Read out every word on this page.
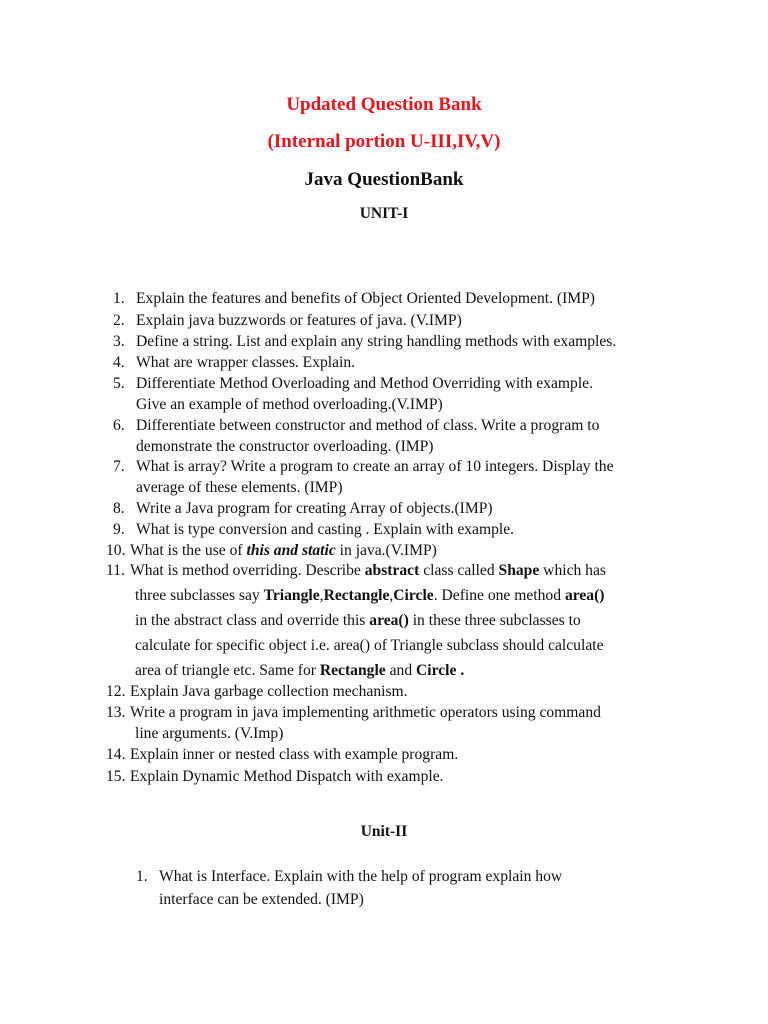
Updated Question Bank
(Internal portion U-III,IV,V)
Java QuestionBank
UNIT-I
1. Explain the features and benefits of Object Oriented Development. (IMP)
2. Explain java buzzwords or features of java. (V.IMP)
3. Define a string. List and explain any string handling methods with examples.
4. What are wrapper classes. Explain.
5. Differentiate Method Overloading and Method Overriding with example.
Give an example of method overloading.(V.IMP)
6. Differentiate between constructor and method of class. Write a program to
demonstrate the constructor overloading. (IMP)
7. What is array? Write a program to create an array of 10 integers. Display the
average of these elements. (IMP)
8. Write a Java program for creating Array of objects.(IMP)
9. What is type conversion and casting . Explain with example.
10. What is the use of this and static in java.(V.IMP)
11. What is method overriding. Describe abstract class called Shape which has
three subclasses say Triangle,Rectangle,Circle. Define one method area()
in the abstract class and override this area() in these three subclasses to
calculate for specific object i.e. area() of Triangle subclass should calculate
area of triangle etc. Same for Rectangle and Circle .
12. Explain Java garbage collection mechanism.
13. Write a program in java implementing arithmetic operators using command
line arguments. (V.Imp)
14. Explain inner or nested class with example program.
15. Explain Dynamic Method Dispatch with example.
Unit-II
1. What is Interface. Explain with the help of program explain how
interface can be extended. (IMP)
